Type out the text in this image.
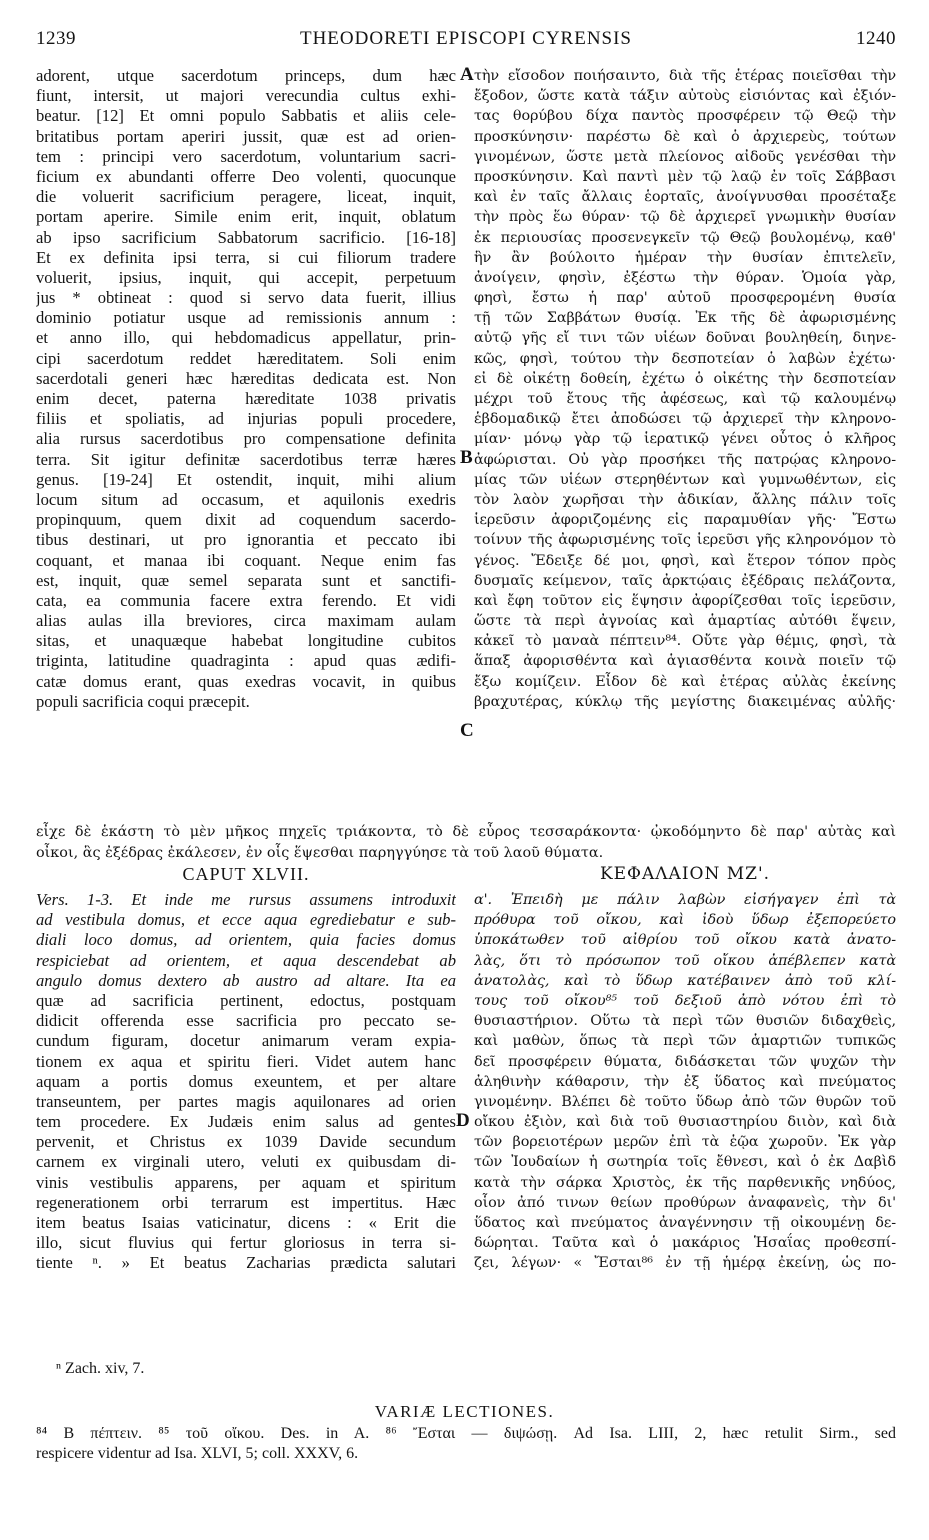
1239	THEODORETI EPISCOPI CYRENSIS	1240
adorent, utque sacerdotum princeps, dum hæc
fiunt, intersit, ut majori verecundia cultus exhi-
beatur. [12] Et omni populo Sabbatis et aliis cele-
britatibus portam aperiri jussit, quæ est ad orien-
tem : principi vero sacerdotum, voluntarium sacri-
ficium ex abundanti offerre Deo volenti, quocunque
die voluerit sacrificium peragere, liceat, inquit,
portam aperire. Simile enim erit, inquit, oblatum
ab ipso sacrificium Sabbatorum sacrificio. [16-18]
Et ex definita ipsi terra, si cui filiorum tradere
voluerit, ipsius, inquit, qui accepit, perpetuum
jus * obtineat : quod si servo data fuerit, illius
dominio potiatur usque ad remissionis annum :
et anno illo, qui hebdomadicus appellatur, prin-
cipi sacerdotum reddet hæreditatem. Soli enim
sacerdotali generi hæc hæreditas dedicata est. Non
enim decet, paterna hæreditate 1038 privatis
filiis et spoliatis, ad injurias populi procedere,
alia rursus sacerdotibus pro compensatione definita
terra. Sit igitur definitæ sacerdotibus terræ hæres
genus. [19-24] Et ostendit, inquit, mihi alium
locum situm ad occasum, et aquilonis exedris
propinquum, quem dixit ad coquendum sacerdo-
tibus destinari, ut pro ignorantia et peccato ibi
coquant, et manaa ibi coquant. Neque enim fas
est, inquit, quæ semel separata sunt et sanctifi-
cata, ea communia facere extra ferendo. Et vidi
alias aulas illa breviores, circa maximam aulam
sitas, et unaquæque habebat longitudine cubitos
triginta, latitudine quadraginta : apud quas ædifi-
catæ domus erant, quas exedras vocavit, in quibus
populi sacrificia coqui præcepit.
τὴν εἴσοδον ποιήσαιντο, διὰ τῆς ἑτέρας ποιεῖσθαι τὴν
ἔξοδον, ὥστε κατὰ τάξιν αὐτοὺς εἰσιόντας καὶ ἐξιόν-
τας θορύβου δίχα παντὸς προσφέρειν τῷ Θεῷ τὴν
προσκύνησιν· παρέστω δὲ καὶ ὁ ἀρχιερεὺς, τούτων
γινομένων, ὥστε μετὰ πλείονος αἰδοῦς γενέσθαι τὴν
προσκύνησιν. Καὶ παντὶ μὲν τῷ λαῷ ἐν τοῖς Σάββασι
καὶ ἐν ταῖς ἄλλαις ἑορταῖς, ἀνοίγνυσθαι προσέταξε
τὴν πρὸς ἕω θύραν· τῷ δὲ ἀρχιερεῖ γνωμικὴν θυσίαν
ἐκ περιουσίας προσενεγκεῖν τῷ Θεῷ βουλομένῳ, καθ'
ἣν ἂν βούλοιτο ἡμέραν τὴν θυσίαν ἐπιτελεῖν,
ἀνοίγειν, φησὶν, ἐξέστω τὴν θύραν. Ὁμοία γὰρ,
φησὶ, ἔστω ἡ παρ' αὐτοῦ προσφερομένη θυσία
τῇ τῶν Σαββάτων θυσίᾳ. Ἐκ τῆς δὲ ἀφωρισμένης
αὐτῷ γῆς εἴ τινι τῶν υἱέων δοῦναι βουληθείη, διηνε-
κῶς, φησὶ, τούτου τὴν δεσποτείαν ὁ λαβὼν ἐχέτω·
εἰ δὲ οἰκέτῃ δοθείη, ἐχέτω ὁ οἰκέτης τὴν δεσποτείαν
μέχρι τοῦ ἔτους τῆς ἀφέσεως, καὶ τῷ καλουμένῳ
ἑβδομαδικῷ ἔτει ἀποδώσει τῷ ἀρχιερεῖ τὴν κληρονο-
μίαν· μόνῳ γὰρ τῷ ἱερατικῷ γένει οὗτος ὁ κλῆρος
ἀφώρισται. Οὐ γὰρ προσήκει τῆς πατρῴας κληρονο-
μίας τῶν υἱέων στερηθέντων καὶ γυμνωθέντων, εἰς
τὸν λαὸν χωρῆσαι τὴν ἀδικίαν, ἄλλης πάλιν τοῖς
ἱερεῦσιν ἀφοριζομένης εἰς παραμυθίαν γῆς· Ἔστω
τοίνυν τῆς ἀφωρισμένης τοῖς ἱερεῦσι γῆς κληρονόμον τὸ
γένος. Ἔδειξε δέ μοι, φησὶ, καὶ ἕτερον τόπον πρὸς
δυσμαῖς κείμενον, ταῖς ἀρκτῴαις ἐξέδραις πελάζοντα,
καὶ ἔφη τοῦτον εἰς ἕψησιν ἀφορίζεσθαι τοῖς ἱερεῦσιν,
ὥστε τὰ περὶ ἀγνοίας καὶ ἁμαρτίας αὐτόθι ἕψειν,
κἀκεῖ τὸ μαναὰ πέπτειν⁸⁴. Οὔτε γὰρ θέμις, φησὶ, τὰ
ἅπαξ ἀφορισθέντα καὶ ἁγιασθέντα κοινὰ ποιεῖν τῷ
ἔξω κομίζειν. Εἶδον δὲ καὶ ἑτέρας αὐλὰς ἐκείνης
βραχυτέρας, κύκλῳ τῆς μεγίστης διακειμένας αὐλῆς·
A
B
C
D
εἶχε δὲ ἑκάστη τὸ μὲν μῆκος πηχεῖς τριάκοντα, τὸ δὲ εὖρος τεσσαράκοντα· ᾠκοδόμηντο δὲ παρ' αὐτὰς καὶ
οἶκοι, ἃς ἐξέδρας ἐκάλεσεν, ἐν οἷς ἕψεσθαι παρηγγύησε τὰ τοῦ λαοῦ θύματα.
CAPUT XLVII.	ΚΕΦΑΛΑΙΟΝ ΜΖ'.
Vers. 1-3. Et inde me rursus assumens introduxit
ad vestibula domus, et ecce aqua egrediebatur e sub-
diali loco domus, ad orientem, quia facies domus
respiciebat ad orientem, et aqua descendebat ab
angulo domus dextero ab austro ad altare. Ita ea
quæ ad sacrificia pertinent, edoctus, postquam
didicit offerenda esse sacrificia pro peccato se-
cundum figuram, docetur animarum veram expia-
tionem ex aqua et spiritu fieri. Videt autem hanc
aquam a portis domus exeuntem, et per altare
transeuntem, per partes magis aquilonares ad orien
tem procedere. Ex Judæis enim salus ad gentes
pervenit, et Christus ex 1039 Davide secundum
carnem ex virginali utero, veluti ex quibusdam di-
vinis vestibulis apparens, per aquam et spiritum
regenerationem orbi terrarum est impertitus. Hæc
item beatus Isaias vaticinatur, dicens : « Erit die
illo, sicut fluvius qui fertur gloriosus in terra si-
tiente ⁿ. » Et beatus Zacharias prædicta salutari
α'. Ἐπειδὴ με πάλιν λαβὼν εἰσήγαγεν ἐπὶ τὰ
πρόθυρα τοῦ οἴκου, καὶ ἰδοὺ ὕδωρ ἐξεπορεύετο
ὑποκάτωθεν τοῦ αἰθρίου τοῦ οἴκου κατὰ ἀνατο-
λὰς, ὅτι τὸ πρόσωπον τοῦ οἴκου ἀπέβλεπεν κατὰ
ἀνατολὰς, καὶ τὸ ὕδωρ κατέβαινεν ἀπὸ τοῦ κλί-
τους τοῦ οἴκου⁸⁵ τοῦ δεξιοῦ ἀπὸ νότου ἐπὶ τὸ
θυσιαστήριον. Οὕτω τὰ περὶ τῶν θυσιῶν διδαχθεὶς,
καὶ μαθὼν, ὅπως τὰ περὶ τῶν ἁμαρτιῶν τυπικῶς
δεῖ προσφέρειν θύματα, διδάσκεται τῶν ψυχῶν τὴν
ἀληθινὴν κάθαρσιν, τὴν ἐξ ὕδατος καὶ πνεύματος
γινομένην. Βλέπει δὲ τοῦτο ὕδωρ ἀπὸ τῶν θυρῶν τοῦ
οἴκου ἐξιὸν, καὶ διὰ τοῦ θυσιαστηρίου διιὸν, καὶ διὰ
τῶν βορειοτέρων μερῶν ἐπὶ τὰ ἑῷα χωροῦν. Ἐκ γὰρ
τῶν Ἰουδαίων ἡ σωτηρία τοῖς ἔθνεσι, καὶ ὁ ἐκ Δαβὶδ
κατὰ τὴν σάρκα Χριστὸς, ἐκ τῆς παρθενικῆς νηδύος,
οἷον ἀπό τινων θείων προθύρων ἀναφανεὶς, τὴν δι'
ὕδατος καὶ πνεύματος ἀναγέννησιν τῇ οἰκουμένῃ δε-
δώρηται. Ταῦτα καὶ ὁ μακάριος Ἡσαΐας προθεσπί-
ζει, λέγων· « Ἔσται⁸⁶ ἐν τῇ ἡμέρᾳ ἐκείνῃ, ὡς πο-
ⁿ Zach. xiv, 7.
VARIÆ LECTIONES.
⁸⁴ B πέπτειν. ⁸⁵ τοῦ οἴκου. Des. in A. ⁸⁶ Ἔσται — διψώσῃ. Ad Isa. LIII, 2, hæc retulit Sirm., sed
respicere videntur ad Isa. XLVI, 5; coll. XXXV, 6.
